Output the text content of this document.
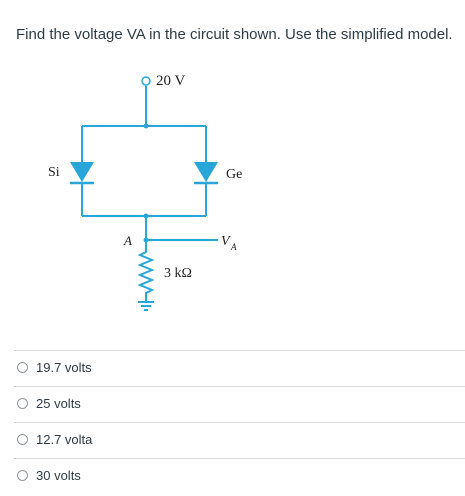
Find the voltage VA in the circuit shown. Use the simplified model.
20 V
Si	Ge
A	V A
3 kΩ
19.7 volts
25 volts
12.7 volta
30 volts
